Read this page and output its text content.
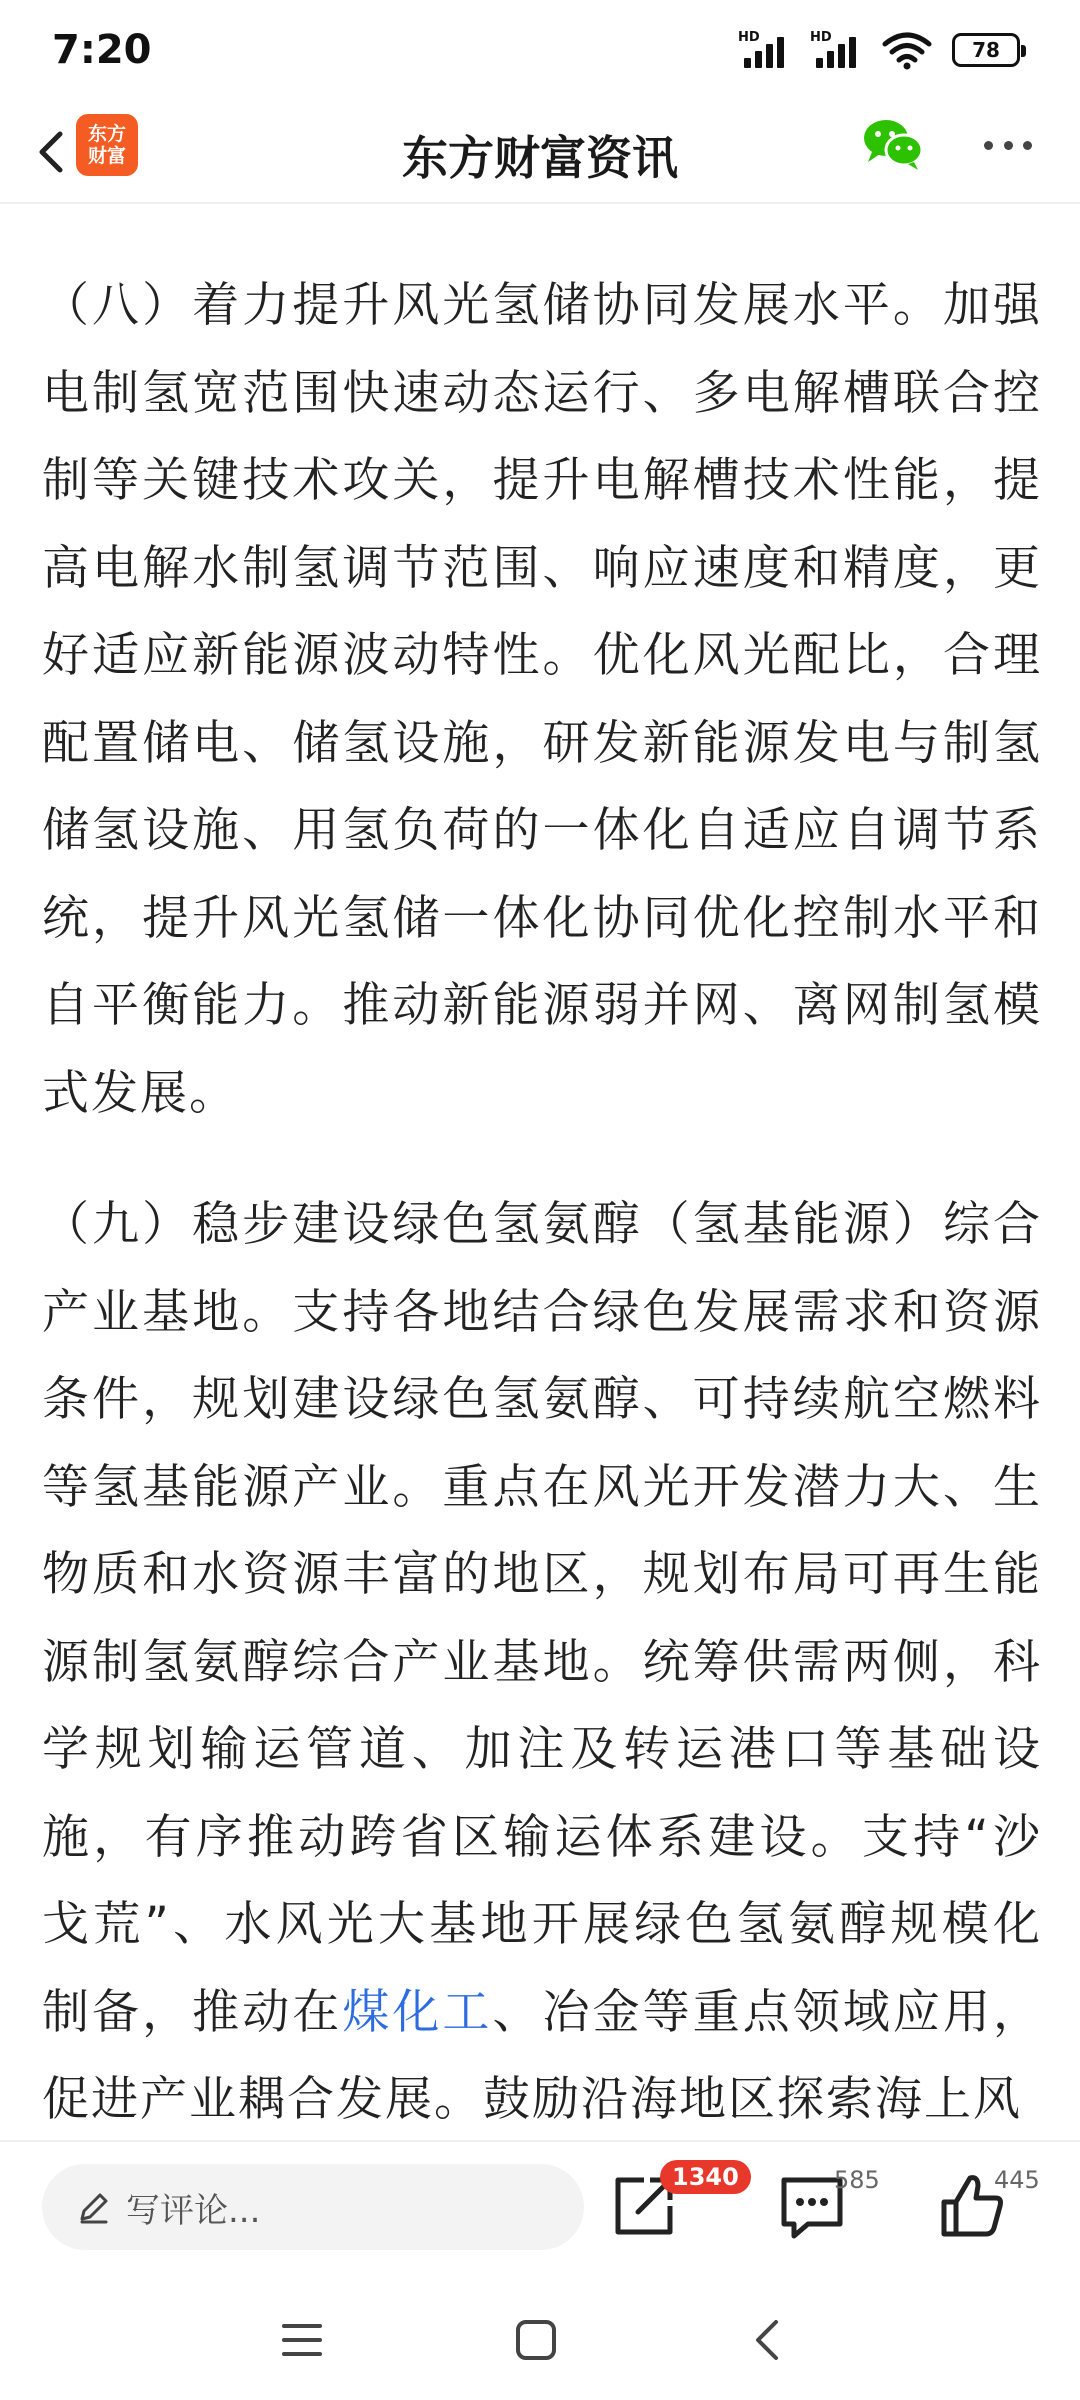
7:20	HD	HD
78
东方
财富	东方财富资讯

（八）着力提升风光氢储协同发展水平。加强电制氢宽范围快速动态运行、多电解槽联合控制等关键技术攻关，提升电解槽技术性能，提高电解水制氢调节范围、响应速度和精度，更好适应新能源波动特性。优化风光配比，合理配置储电、储氢设施，研发新能源发电与制氢储氢设施、用氢负荷的一体化自适应自调节系统，提升风光氢储一体化协同优化控制水平和自平衡能力。推动新能源弱并网、离网制氢模式发展。

（九）稳步建设绿色氢氨醇（氢基能源）综合产业基地。支持各地结合绿色发展需求和资源条件，规划建设绿色氢氨醇、可持续航空燃料等氢基能源产业。重点在风光开发潜力大、生物质和水资源丰富的地区，规划布局可再生能源制氢氨醇综合产业基地。统筹供需两侧，科学规划输运管道、加注及转运港口等基础设施，有序推动跨省区输运体系建设。支持“沙戈荒”、水风光大基地开展绿色氢氨醇规模化制备，推动在煤化工、冶金等重点领域应用，促进产业耦合发展。鼓励沿海地区探索海上风

写评论...
1340	585	445
